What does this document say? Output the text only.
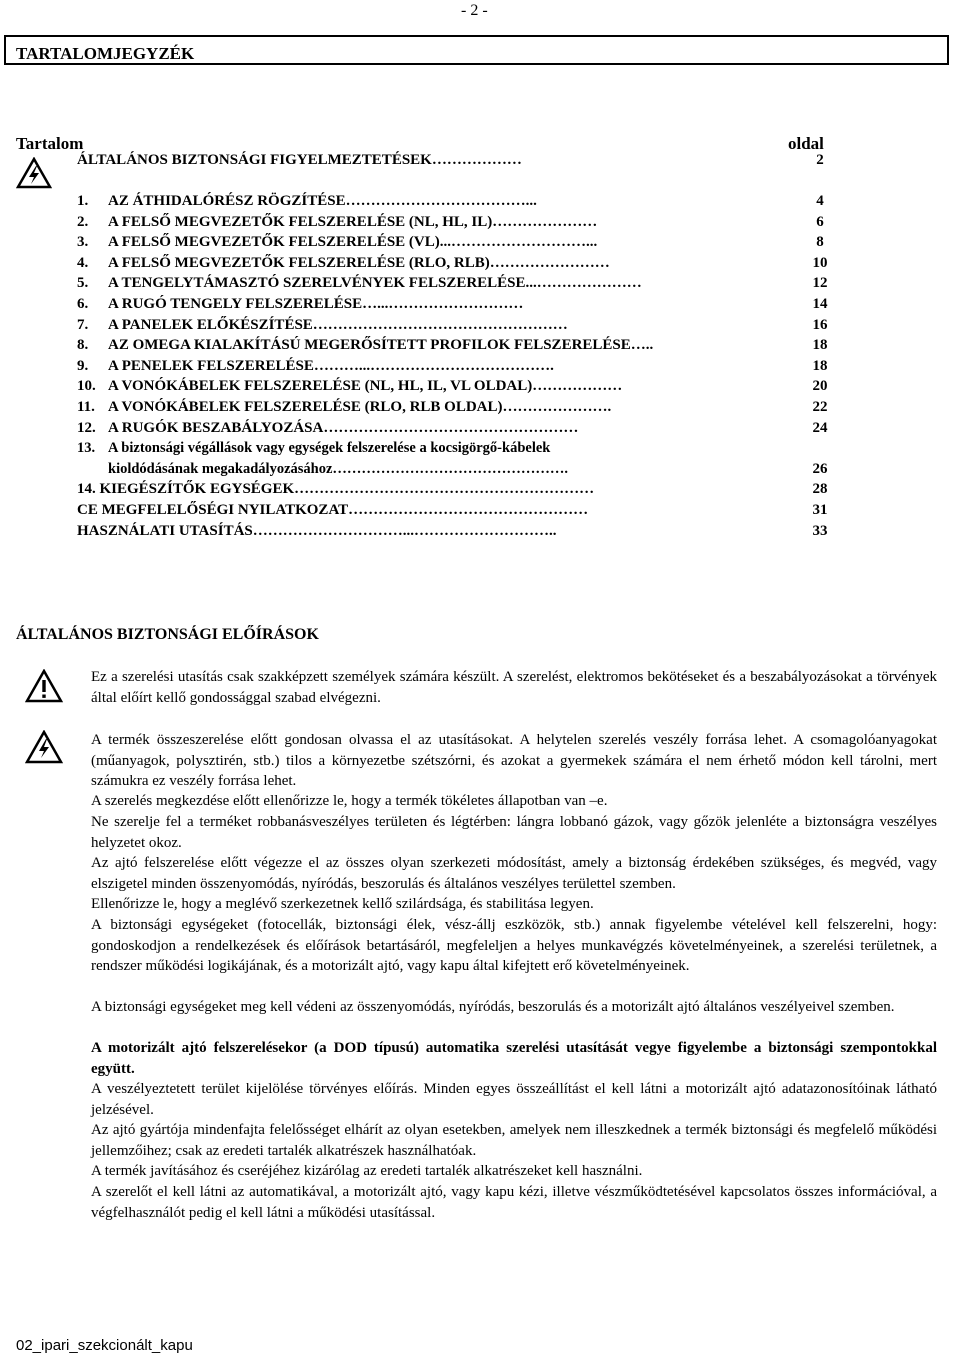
- 2 -
TARTALOMJEGYZÉK
Tartalom	oldal
ÁLTALÁNOS BIZTONSÁGI FIGYELMEZTETÉSEK………………	2
1. AZ ÁTHIDALÓRÉSZ RÖGZÍTÉSE………………………………...	4
2. A FELSŐ MEGVEZETŐK FELSZERELÉSE (NL, HL, IL)…………………	6
3. A FELSŐ MEGVEZETŐK FELSZERELÉSE (VL)...………………………...	8
4. A FELSŐ MEGVEZETŐK FELSZERELÉSE (RLO, RLB)……………………	10
5. A TENGELYTÁMASZTÓ SZERELVÉNYEK FELSZERELÉSE...…………………	12
6. A RUGÓ TENGELY FELSZERELÉSE…...………………………	14
7. A PANELEK ELŐKÉSZÍTÉSE……………………………………………	16
8. AZ OMEGA KIALAKÍTÁSÚ MEGERŐSÍTETT PROFILOK FELSZERELÉSE…..	18
9. A PENELEK FELSZERELÉSE………...……………………………….	18
10. A VONÓKÁBELEK FELSZERELÉSE (NL, HL, IL, VL OLDAL)………………	20
11. A VONÓKÁBELEK FELSZERELÉSE (RLO, RLB OLDAL)………………….	22
12. A RUGÓK BESZABÁLYOZÁSA……………………………………………	24
13. A biztonsági végállások vagy egységek felszerelése a kocsigörgő-kábelek
kioldódásának megakadályozásához………………………………………….	26
14. KIEGÉSZÍTŐK EGYSÉGEK……………………………………………………	28
CE MEGFELELŐSÉGI NYILATKOZAT…………………………………………	31
HASZNÁLATI UTASÍTÁS…………………………...………………………..	33
ÁLTALÁNOS BIZTONSÁGI ELŐÍRÁSOK
Ez a szerelési utasítás csak szakképzett személyek számára készült. A szerelést, elektromos bekötéseket és a beszabályozásokat a törvények által előírt kellő gondossággal szabad elvégezni.
A termék összeszerelése előtt gondosan olvassa el az utasításokat. A helytelen szerelés veszély forrása lehet. A csomagolóanyagokat (műanyagok, polysztirén, stb.) tilos a környezetbe szétszórni, és azokat a gyermekek számára el nem érhető módon kell tárolni, mert számukra ez veszély forrása lehet.
A szerelés megkezdése előtt ellenőrizze le, hogy a termék tökéletes állapotban van –e.
Ne szerelje fel a terméket robbanásveszélyes területen és légtérben: lángra lobbanó gázok, vagy gőzök jelenléte a biztonságra veszélyes helyzetet okoz.
Az ajtó felszerelése előtt végezze el az összes olyan szerkezeti módosítást, amely a biztonság érdekében szükséges, és megvéd, vagy elszigetel minden összenyomódás, nyíródás, beszorulás és általános veszélyes területtel szemben.
Ellenőrizze le, hogy a meglévő szerkezetnek kellő szilárdsága, és stabilitása legyen.
A biztonsági egységeket (fotocellák, biztonsági élek, vész-állj eszközök, stb.) annak figyelembe vételével kell felszerelni, hogy: gondoskodjon a rendelkezések és előírások betartásáról, megfeleljen a helyes munkavégzés követelményeinek, a szerelési területnek, a rendszer működési logikájának, és a motorizált ajtó, vagy kapu által kifejtett erő követelményeinek.
A biztonsági egységeket meg kell védeni az összenyomódás, nyíródás, beszorulás és a motorizált ajtó általános veszélyeivel szemben.
A motorizált ajtó felszerelésekor (a DOD típusú) automatika szerelési utasítását vegye figyelembe a biztonsági szempontokkal együtt.
A veszélyeztetett terület kijelölése törvényes előírás. Minden egyes összeállítást el kell látni a motorizált ajtó adatazonosítóinak látható jelzésével.
Az ajtó gyártója mindenfajta felelősséget elhárít az olyan esetekben, amelyek nem illeszkednek a termék biztonsági és megfelelő működési jellemzőihez; csak az eredeti tartalék alkatrészek használhatóak.
A termék javításához és cseréjéhez kizárólag az eredeti tartalék alkatrészeket kell használni.
A szerelőt el kell látni az automatikával, a motorizált ajtó, vagy kapu kézi, illetve vészműködtetésével kapcsolatos összes információval, a végfelhasználót pedig el kell látni a működési utasítással.
02_ipari_szekcionált_kapu
